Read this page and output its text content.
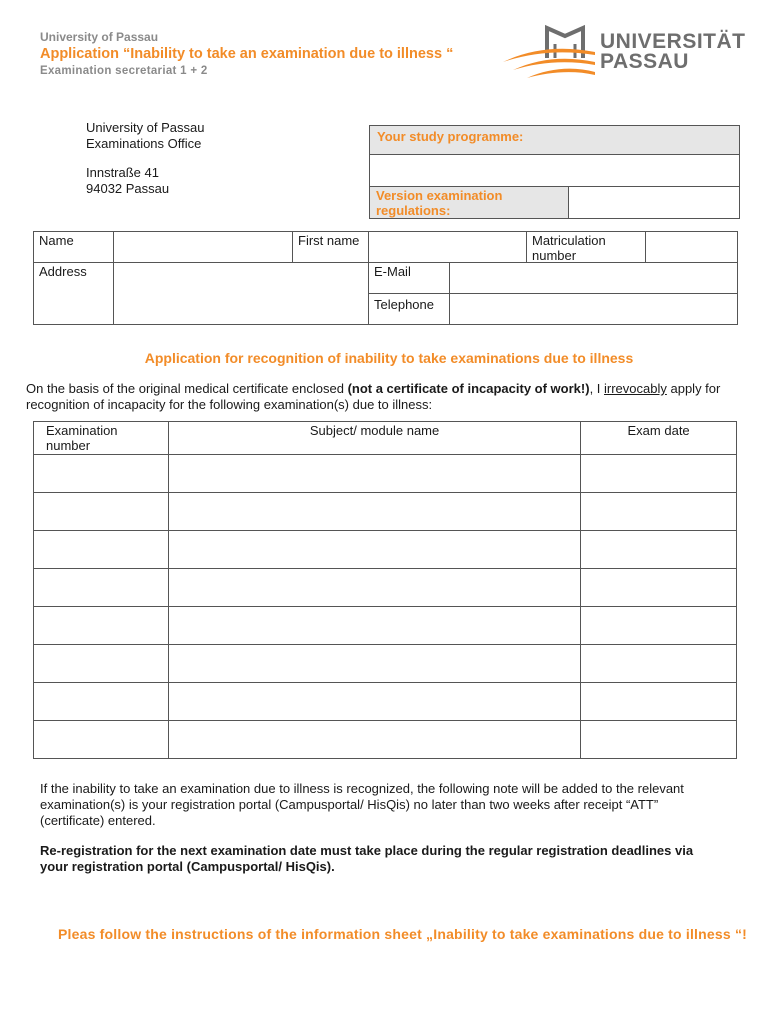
University of Passau
Application “Inability to take an examination due to illness “
Examination secretariat 1 + 2
UNIVERSITÄT
PASSAU
University of Passau
Examinations Office
Innstraße 41
94032 Passau
Your study programme:
Version examination regulations:
Name	First name	Matriculation number
Address	E-Mail
Telephone
Application for recognition of inability to take examinations due to illness
On the basis of the original medical certificate enclosed (not a certificate of incapacity of work!), I irrevocably apply for recognition of incapacity for the following examination(s) due to illness:
Examination number	Subject/ module name	Exam date

If the inability to take an examination due to illness is recognized, the following note will be added to the relevant examination(s) is your registration portal (Campusportal/ HisQis) no later than two weeks after receipt “ATT” (certificate) entered.
Re-registration for the next examination date must take place during the regular registration deadlines via your registration portal (Campusportal/ HisQis).
Pleas follow the instructions of the information sheet „Inability to take examinations due to illness “!
